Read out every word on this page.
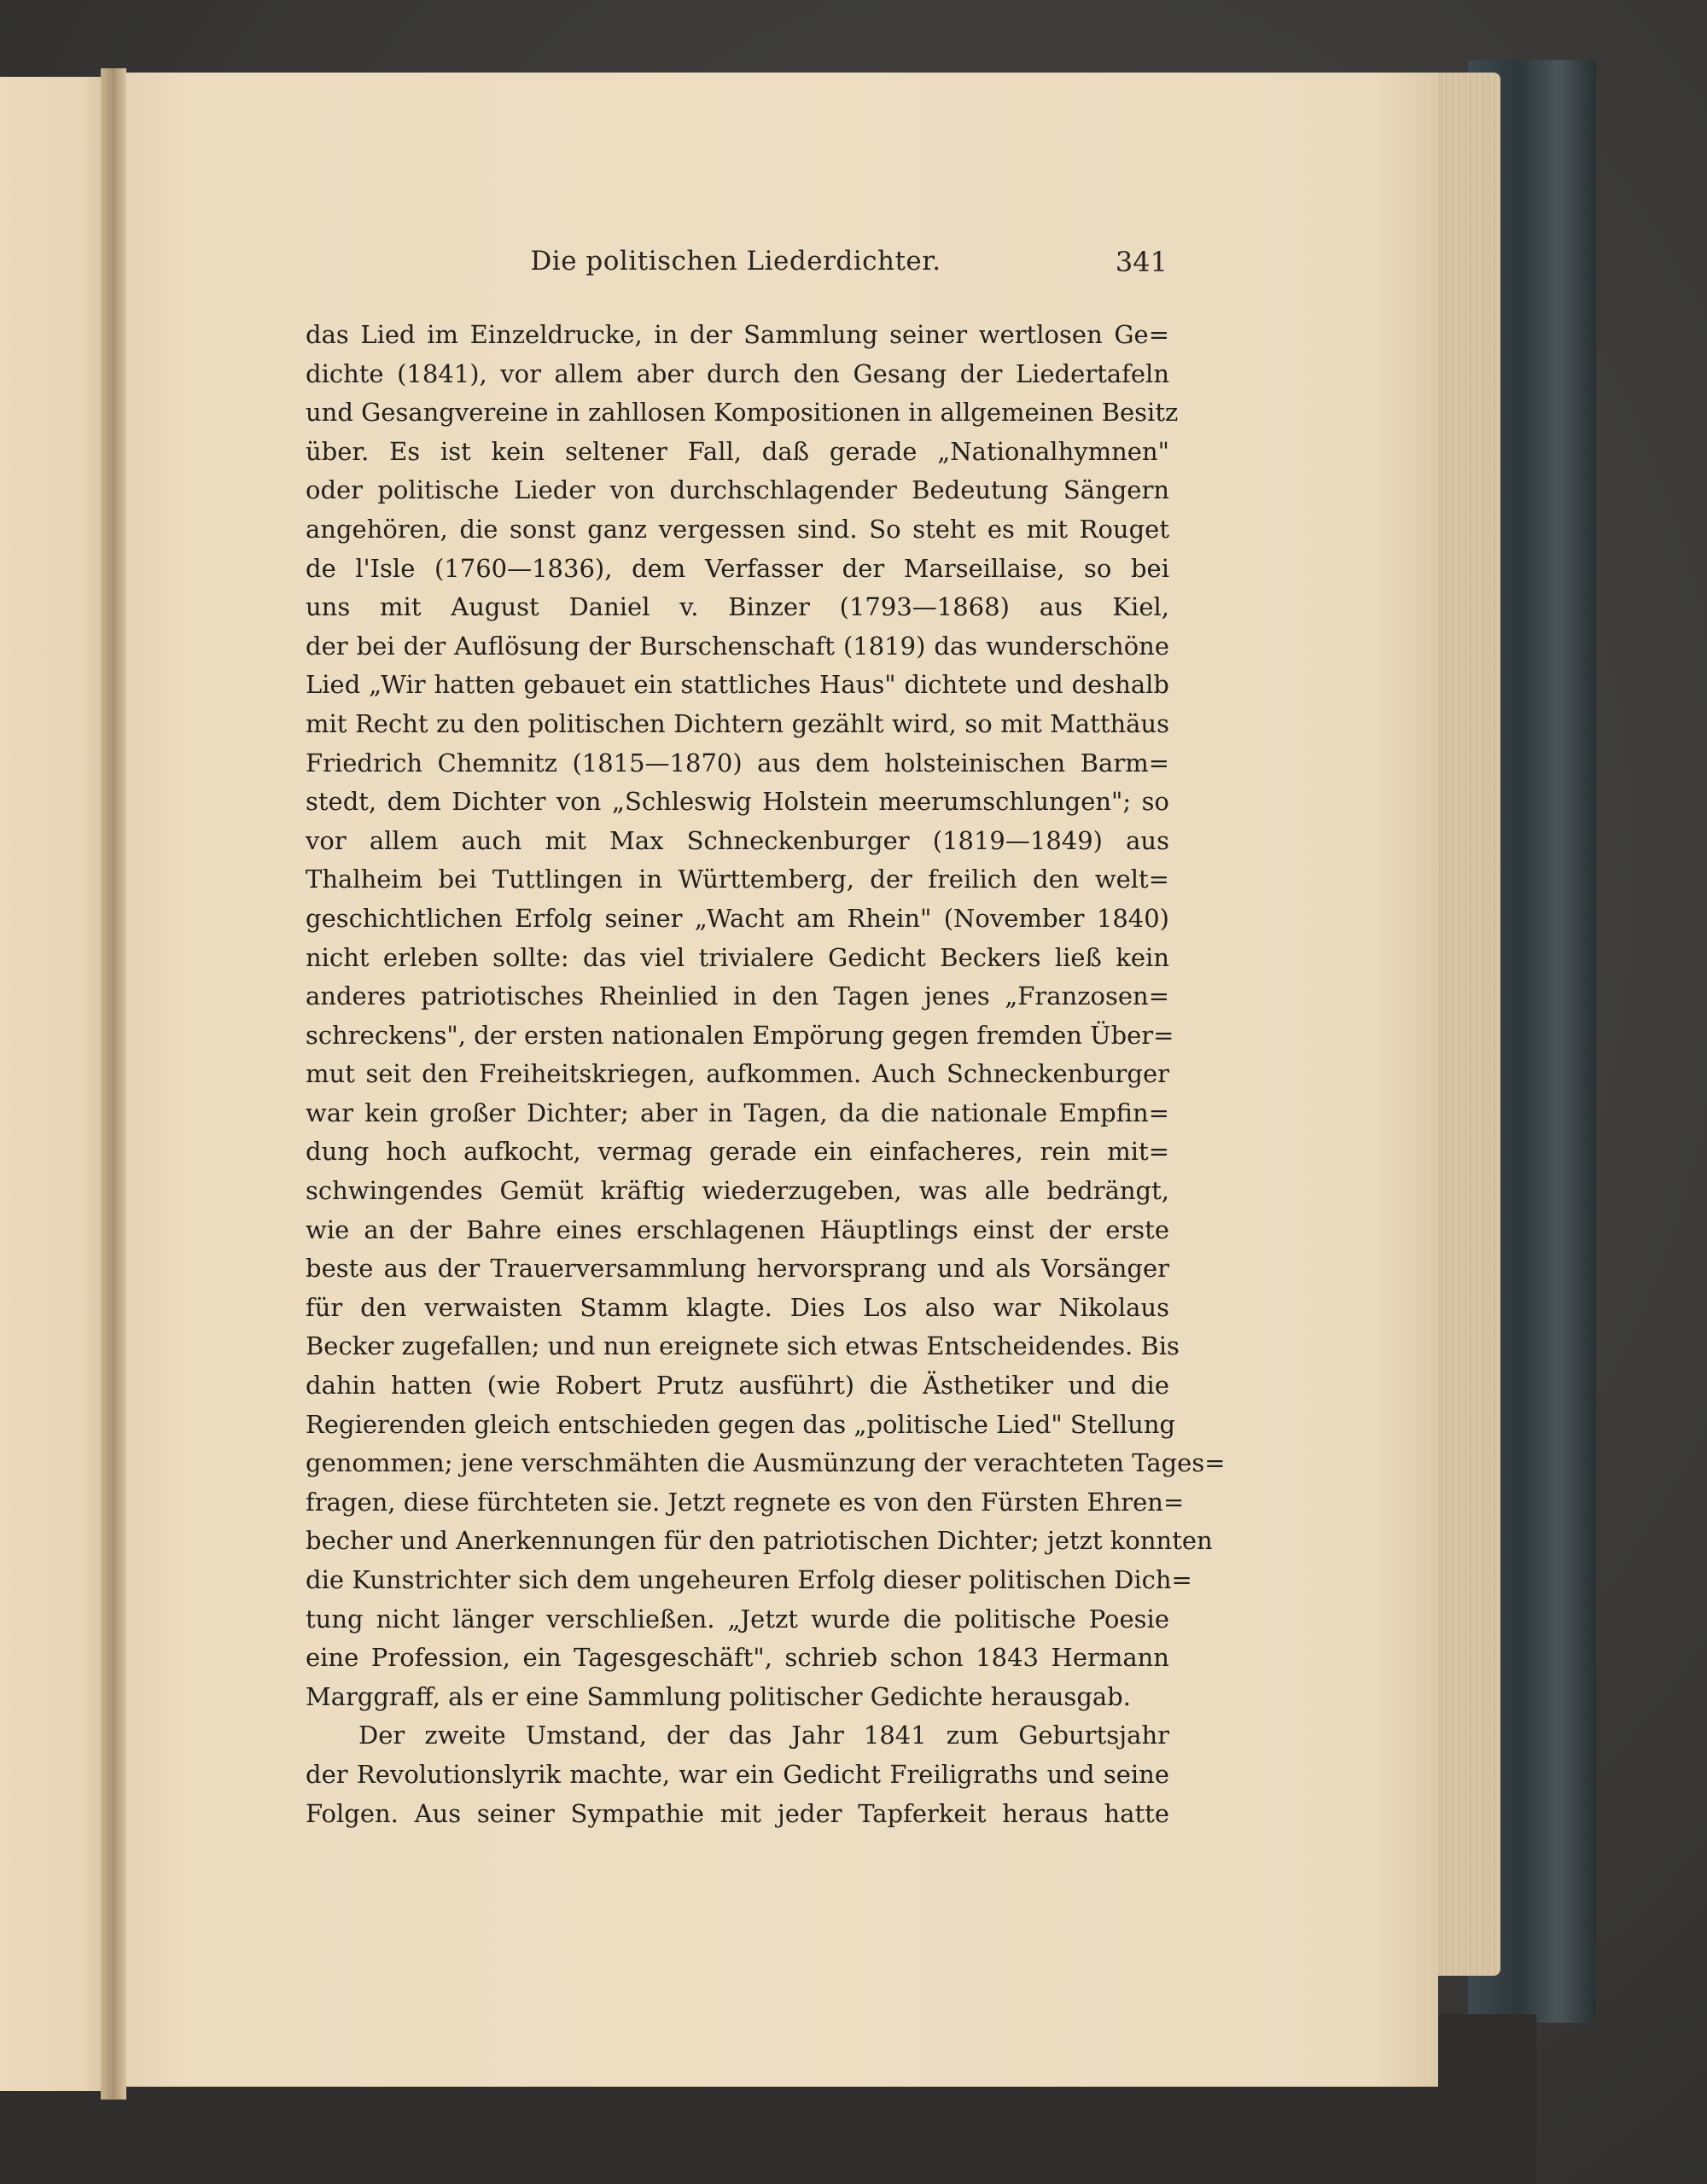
Die politischen Liederdichter.	341
das Lied im Einzeldrucke, in der Sammlung seiner wertlosen Ge=
dichte (1841), vor allem aber durch den Gesang der Liedertafeln
und Gesangvereine in zahllosen Kompositionen in allgemeinen Besitz
über. Es ist kein seltener Fall, daß gerade „Nationalhymnen"
oder politische Lieder von durchschlagender Bedeutung Sängern
angehören, die sonst ganz vergessen sind. So steht es mit Rouget
de l'Isle (1760—1836), dem Verfasser der Marseillaise, so bei
uns mit August Daniel v. Binzer (1793—1868) aus Kiel,
der bei der Auflösung der Burschenschaft (1819) das wunderschöne
Lied „Wir hatten gebauet ein stattliches Haus" dichtete und deshalb
mit Recht zu den politischen Dichtern gezählt wird, so mit Matthäus
Friedrich Chemnitz (1815—1870) aus dem holsteinischen Barm=
stedt, dem Dichter von „Schleswig Holstein meerumschlungen"; so
vor allem auch mit Max Schneckenburger (1819—1849) aus
Thalheim bei Tuttlingen in Württemberg, der freilich den welt=
geschichtlichen Erfolg seiner „Wacht am Rhein" (November 1840)
nicht erleben sollte: das viel trivialere Gedicht Beckers ließ kein
anderes patriotisches Rheinlied in den Tagen jenes „Franzosen=
schreckens", der ersten nationalen Empörung gegen fremden Über=
mut seit den Freiheitskriegen, aufkommen. Auch Schneckenburger
war kein großer Dichter; aber in Tagen, da die nationale Empfin=
dung hoch aufkocht, vermag gerade ein einfacheres, rein mit=
schwingendes Gemüt kräftig wiederzugeben, was alle bedrängt,
wie an der Bahre eines erschlagenen Häuptlings einst der erste
beste aus der Trauerversammlung hervorsprang und als Vorsänger
für den verwaisten Stamm klagte. Dies Los also war Nikolaus
Becker zugefallen; und nun ereignete sich etwas Entscheidendes. Bis
dahin hatten (wie Robert Prutz ausführt) die Ästhetiker und die
Regierenden gleich entschieden gegen das „politische Lied" Stellung
genommen; jene verschmähten die Ausmünzung der verachteten Tages=
fragen, diese fürchteten sie. Jetzt regnete es von den Fürsten Ehren=
becher und Anerkennungen für den patriotischen Dichter; jetzt konnten
die Kunstrichter sich dem ungeheuren Erfolg dieser politischen Dich=
tung nicht länger verschließen. „Jetzt wurde die politische Poesie
eine Profession, ein Tagesgeschäft", schrieb schon 1843 Hermann
Marggraff, als er eine Sammlung politischer Gedichte herausgab.
Der zweite Umstand, der das Jahr 1841 zum Geburtsjahr
der Revolutionslyrik machte, war ein Gedicht Freiligraths und seine
Folgen. Aus seiner Sympathie mit jeder Tapferkeit heraus hatte
